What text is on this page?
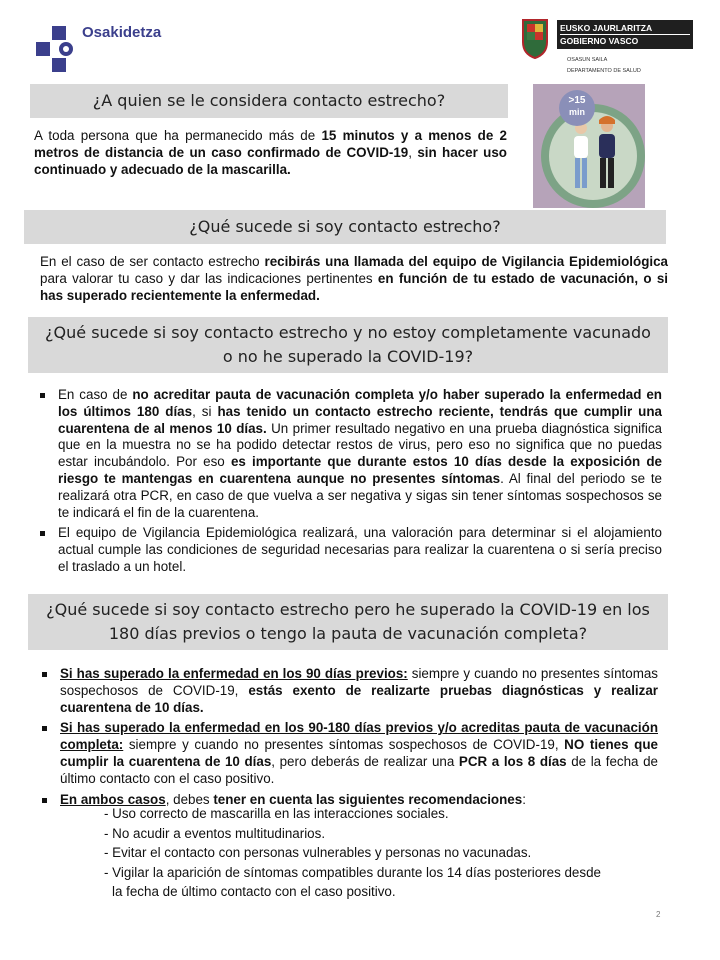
Osakidetza	EUSKO JAURLARITZA
GOBIERNO VASCO
OSASUN SAILA
DEPARTAMENTO DE SALUD
¿A quien se le considera contacto estrecho?
A toda persona que ha permanecido más de 15 minutos y a menos de 2 metros de distancia de un caso confirmado de COVID-19, sin hacer uso continuado y adecuado de la mascarilla.
>15
min
¿Qué sucede si soy contacto estrecho?
En el caso de ser contacto estrecho recibirás una llamada del equipo de Vigilancia Epidemiológica para valorar tu caso y dar las indicaciones pertinentes en función de tu estado de vacunación, o si has superado recientemente la enfermedad.
¿Qué sucede si soy contacto estrecho y no estoy completamente vacunado
o no he superado la COVID-19?
En caso de no acreditar pauta de vacunación completa y/o haber superado la enfermedad en los últimos 180 días, si has tenido un contacto estrecho reciente, tendrás que cumplir una cuarentena de al menos 10 días. Un primer resultado negativo en una prueba diagnóstica significa que en la muestra no se ha podido detectar restos de virus, pero eso no significa que no puedas estar incubándolo. Por eso es importante que durante estos 10 días desde la exposición de riesgo te mantengas en cuarentena aunque no presentes síntomas. Al final del periodo se te realizará otra PCR, en caso de que vuelva a ser negativa y sigas sin tener síntomas sospechosos se te indicará el fin de la cuarentena.
El equipo de Vigilancia Epidemiológica realizará, una valoración para determinar si el alojamiento actual cumple las condiciones de seguridad necesarias para realizar la cuarentena o si sería preciso el traslado a un hotel.
¿Qué sucede si soy contacto estrecho pero he superado la COVID-19 en los
180 días previos o tengo la pauta de vacunación completa?
Si has superado la enfermedad en los 90 días previos: siempre y cuando no presentes síntomas sospechosos de COVID-19, estás exento de realizarte pruebas diagnósticas y realizar cuarentena de 10 días.
Si has superado la enfermedad en los 90-180 días previos y/o acreditas pauta de vacunación completa: siempre y cuando no presentes síntomas sospechosos de COVID-19, NO tienes que cumplir la cuarentena de 10 días, pero deberás de realizar una PCR a los 8 días de la fecha de último contacto con el caso positivo.
En ambos casos, debes tener en cuenta las siguientes recomendaciones:
- Uso correcto de mascarilla en las interacciones sociales.
- No acudir a eventos multitudinarios.
- Evitar el contacto con personas vulnerables y personas no vacunadas.
- Vigilar la aparición de síntomas compatibles durante los 14 días posteriores desde
la fecha de último contacto con el caso positivo.
2
